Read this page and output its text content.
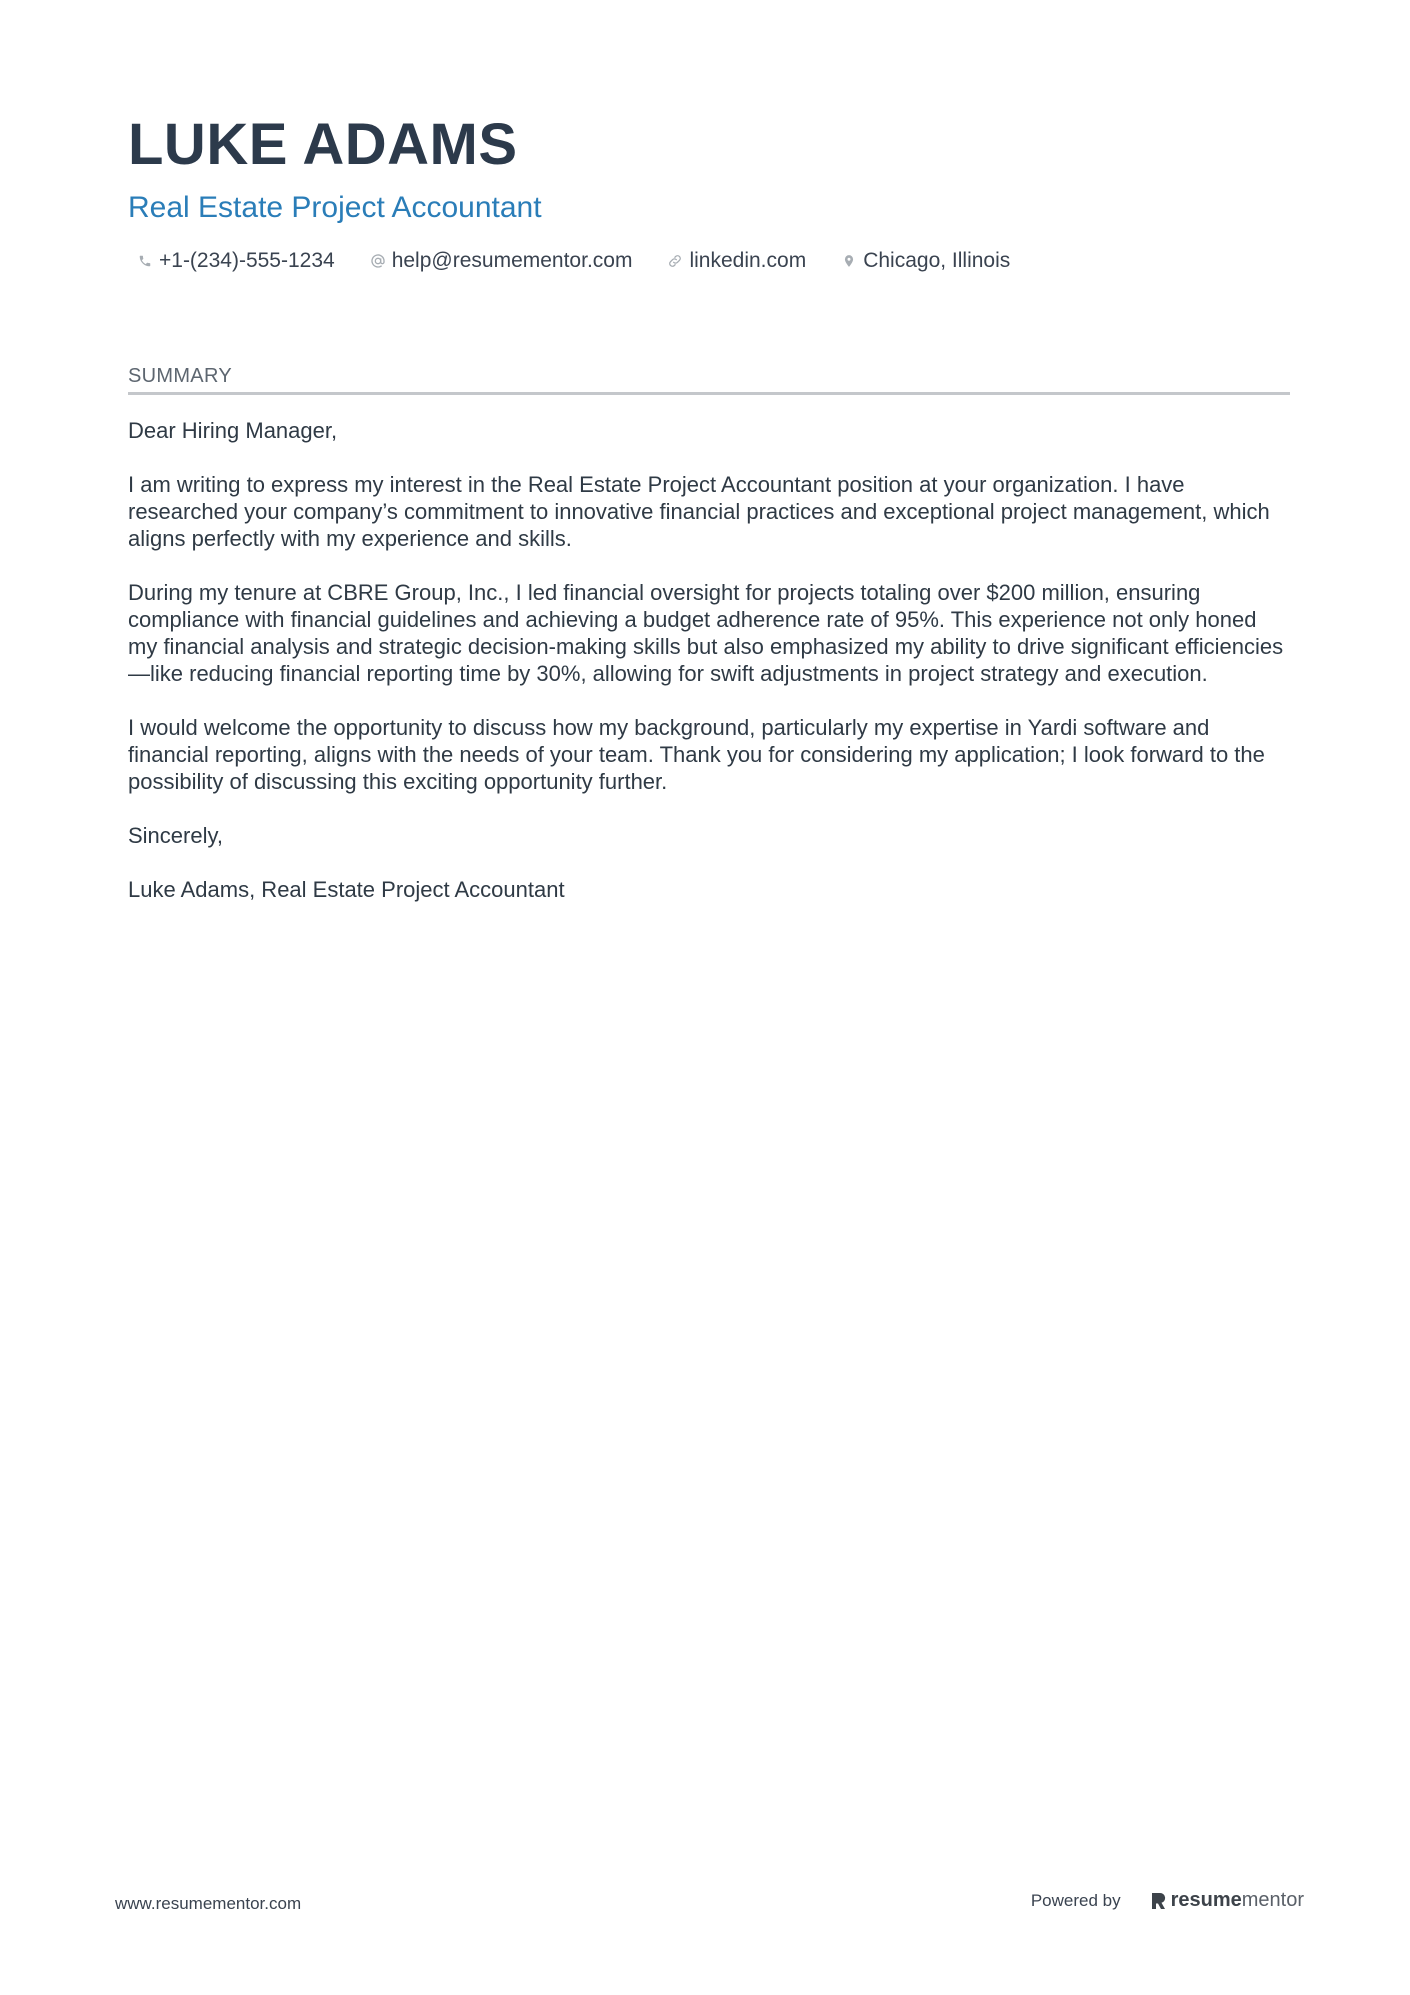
LUKE ADAMS
Real Estate Project Accountant
+1-(234)-555-1234	help@resumementor.com	linkedin.com	Chicago, Illinois
SUMMARY

Dear Hiring Manager,

I am writing to express my interest in the Real Estate Project Accountant position at your organization. I have researched your company’s commitment to innovative financial practices and exceptional project management, which aligns perfectly with my experience and skills.

During my tenure at CBRE Group, Inc., I led financial oversight for projects totaling over $200 million, ensuring compliance with financial guidelines and achieving a budget adherence rate of 95%. This experience not only honed my financial analysis and strategic decision-making skills but also emphasized my ability to drive significant efficiencies—like reducing financial reporting time by 30%, allowing for swift adjustments in project strategy and execution.

I would welcome the opportunity to discuss how my background, particularly my expertise in Yardi software and financial reporting, aligns with the needs of your team. Thank you for considering my application; I look forward to the possibility of discussing this exciting opportunity further.

Sincerely,

Luke Adams, Real Estate Project Accountant

www.resumementor.com	Powered by	resume mentor
